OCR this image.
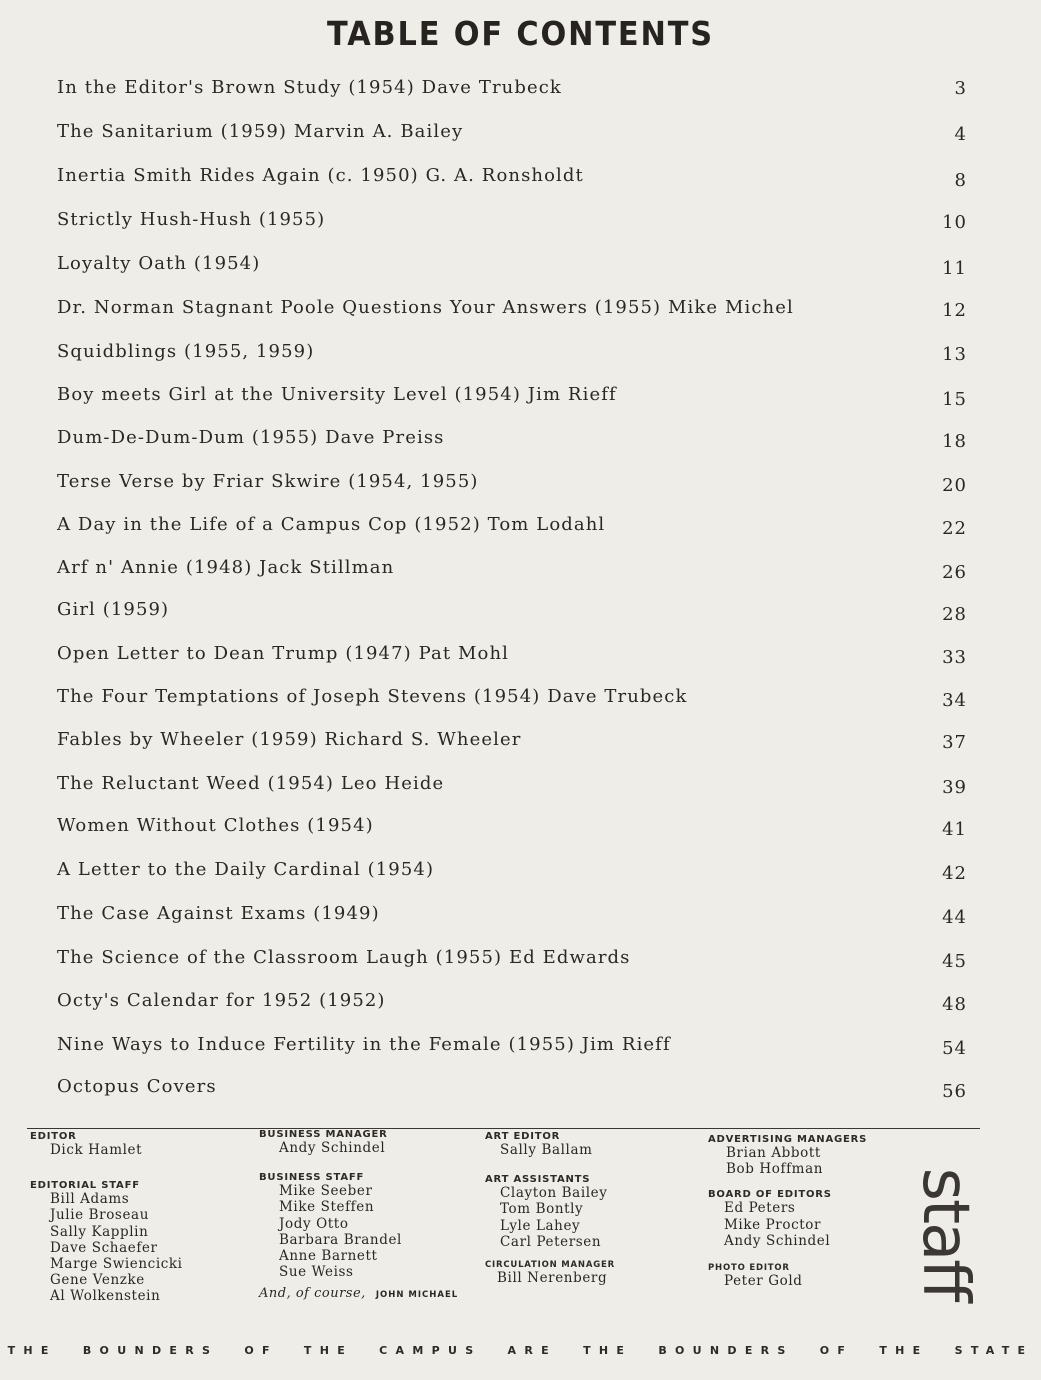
TABLE OF CONTENTS
In the Editor's Brown Study (1954) Dave Trubeck	3
The Sanitarium (1959) Marvin A. Bailey	4
Inertia Smith Rides Again (c. 1950) G. A. Ronsholdt	8
Strictly Hush-Hush (1955)	10
Loyalty Oath (1954)	11
Dr. Norman Stagnant Poole Questions Your Answers (1955) Mike Michel	12
Squidblings (1955, 1959)	13
Boy meets Girl at the University Level (1954) Jim Rieff	15
Dum-De-Dum-Dum (1955) Dave Preiss	18
Terse Verse by Friar Skwire (1954, 1955)	20
A Day in the Life of a Campus Cop (1952) Tom Lodahl	22
Arf n' Annie (1948) Jack Stillman	26
Girl (1959)	28
Open Letter to Dean Trump (1947) Pat Mohl	33
The Four Temptations of Joseph Stevens (1954) Dave Trubeck	34
Fables by Wheeler (1959) Richard S. Wheeler	37
The Reluctant Weed (1954) Leo Heide	39
Women Without Clothes (1954)	41
A Letter to the Daily Cardinal (1954)	42
The Case Against Exams (1949)	44
The Science of the Classroom Laugh (1955) Ed Edwards	45
Octy's Calendar for 1952 (1952)	48
Nine Ways to Induce Fertility in the Female (1955) Jim Rieff	54
Octopus Covers	56

EDITOR

Dick Hamlet

EDITORIAL STAFF

Bill Adams
Julie Broseau
Sally Kapplin
Dave Schaefer
Marge Swiencicki
Gene Venzke
Al Wolkenstein

BUSINESS MANAGER

Andy Schindel

BUSINESS STAFF

Mike Seeber
Mike Steffen
Jody Otto
Barbara Brandel
Anne Barnett
Sue Weiss
And, of course, JOHN MICHAEL

ART EDITOR

Sally Ballam

ART ASSISTANTS

Clayton Bailey
Tom Bontly
Lyle Lahey
Carl Petersen

CIRCULATION MANAGER

Bill Nerenberg

ADVERTISING MANAGERS

Brian Abbott
Bob Hoffman

BOARD OF EDITORS

Ed Peters
Mike Proctor
Andy Schindel

PHOTO EDITOR

Peter Gold	staff
THE BOUNDERS OF THE CAMPUS ARE THE BOUNDERS OF THE STATE
